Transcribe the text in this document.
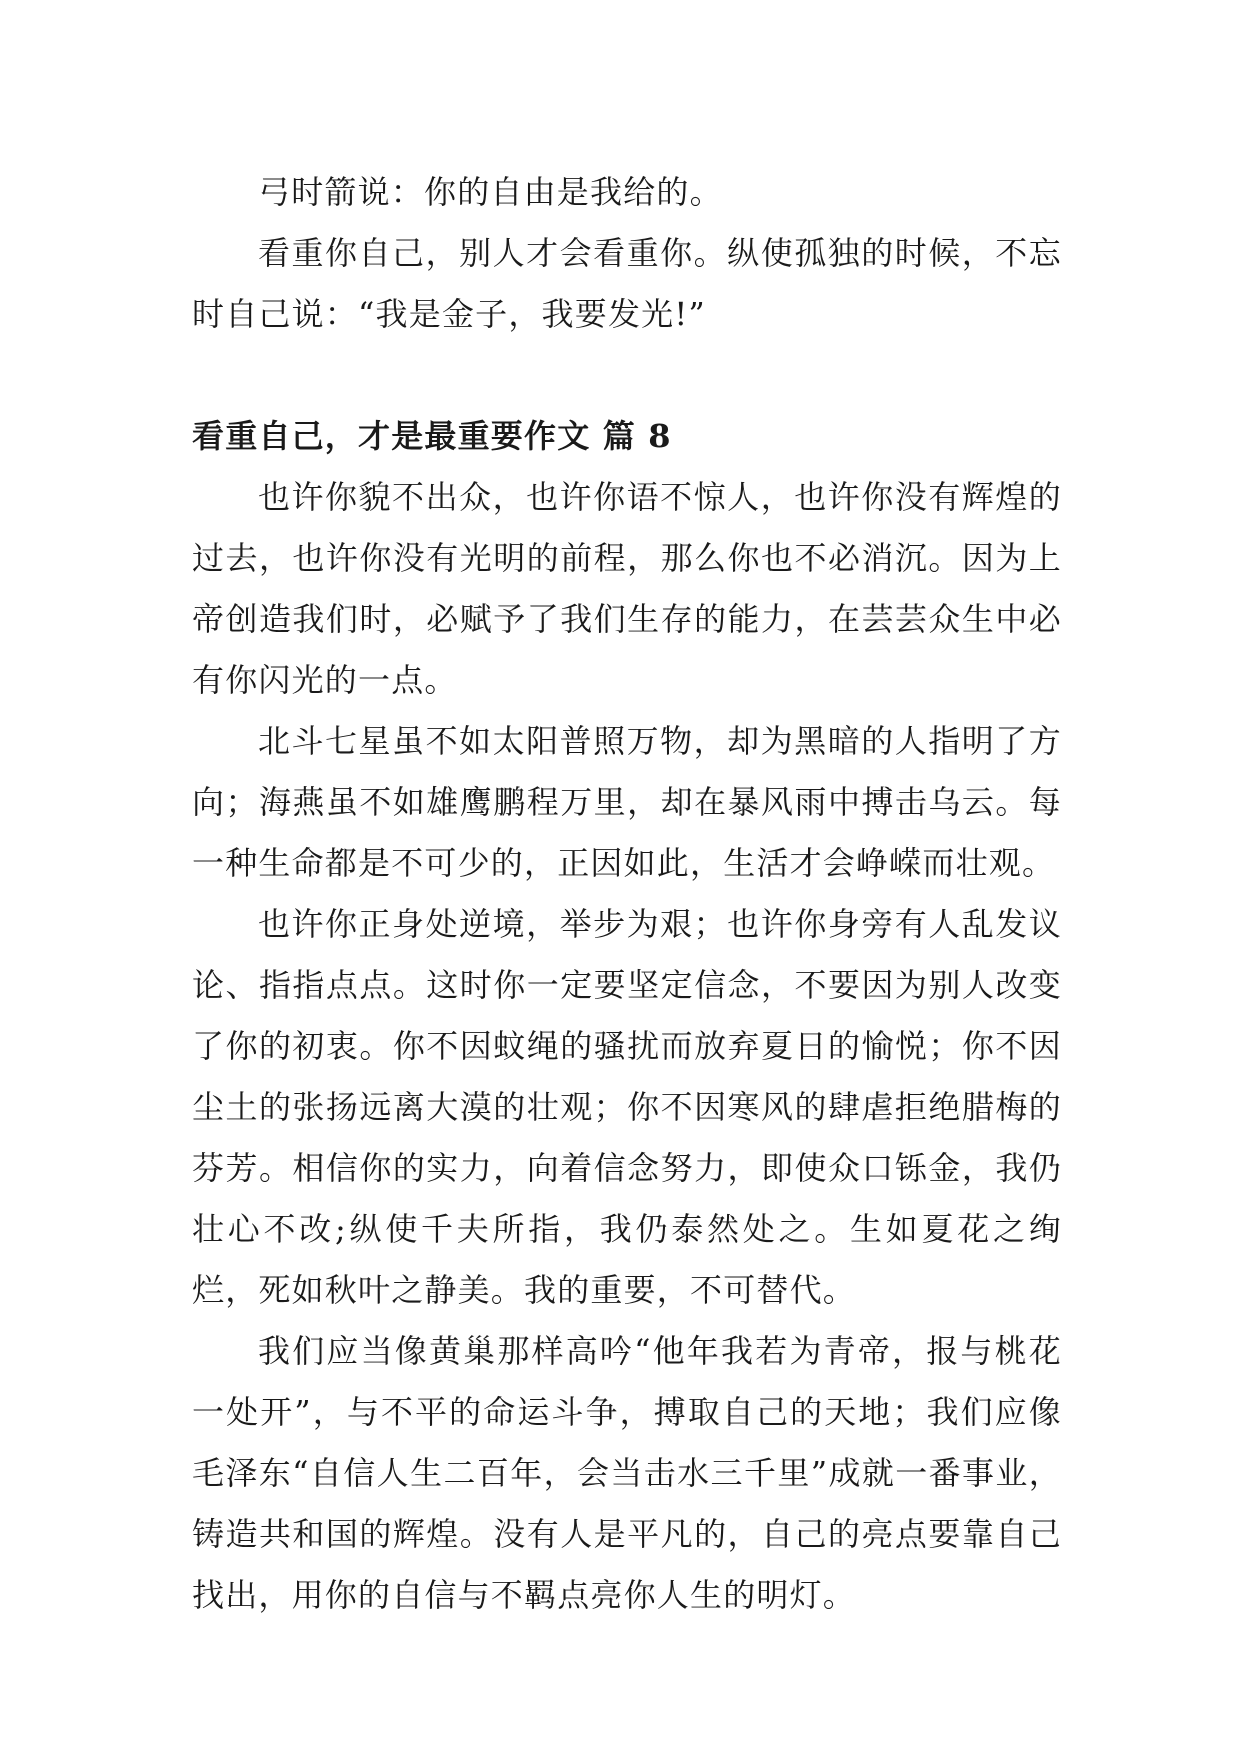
弓时箭说：你的自由是我给的。

看重你自己，别人才会看重你。纵使孤独的时候，不忘时自己说：“我是金子，我要发光!”

看重自己，才是最重要作文 篇 8

也许你貌不出众，也许你语不惊人，也许你没有辉煌的过去，也许你没有光明的前程，那么你也不必消沉。因为上帝创造我们时，必赋予了我们生存的能力，在芸芸众生中必有你闪光的一点。

北斗七星虽不如太阳普照万物，却为黑暗的人指明了方向；海燕虽不如雄鹰鹏程万里，却在暴风雨中搏击乌云。每一种生命都是不可少的，正因如此，生活才会峥嵘而壮观。

也许你正身处逆境，举步为艰；也许你身旁有人乱发议论、指指点点。这时你一定要坚定信念，不要因为别人改变了你的初衷。你不因蚊绳的骚扰而放弃夏日的愉悦；你不因尘土的张扬远离大漠的壮观；你不因寒风的肆虐拒绝腊梅的芬芳。相信你的实力，向着信念努力，即使众口铄金，我仍壮心不改;纵使千夫所指，我仍泰然处之。生如夏花之绚烂，死如秋叶之静美。我的重要，不可替代。

我们应当像黄巢那样高吟“他年我若为青帝，报与桃花一处开”，与不平的命运斗争，搏取自己的天地；我们应像毛泽东“自信人生二百年，会当击水三千里”成就一番事业，铸造共和国的辉煌。没有人是平凡的，自己的亮点要靠自己找出，用你的自信与不羁点亮你人生的明灯。
